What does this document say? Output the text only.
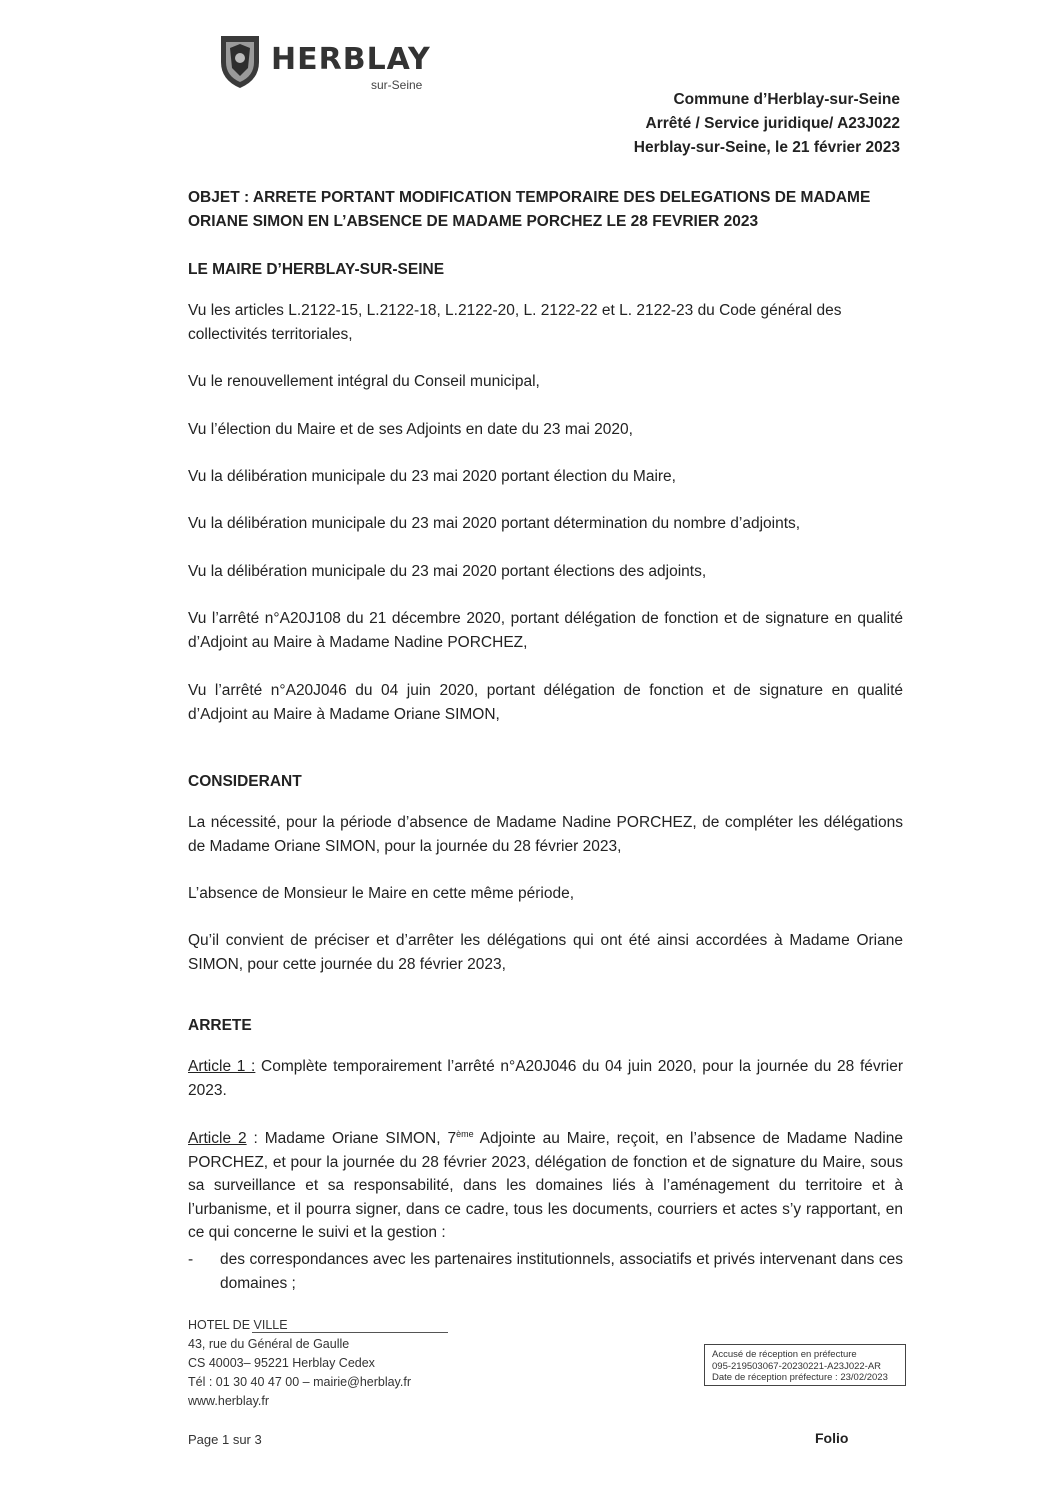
HERBLAY
sur-Seine
Commune d’Herblay-sur-Seine
Arrêté / Service juridique/ A23J022
Herblay-sur-Seine, le 21 février 2023
OBJET : ARRETE PORTANT MODIFICATION TEMPORAIRE DES DELEGATIONS DE MADAME ORIANE SIMON EN L’ABSENCE DE MADAME PORCHEZ LE 28 FEVRIER 2023
LE MAIRE D’HERBLAY-SUR-SEINE
Vu les articles L.2122-15, L.2122-18, L.2122-20, L. 2122-22 et L. 2122-23 du Code général des collectivités territoriales,
Vu le renouvellement intégral du Conseil municipal,
Vu l’élection du Maire et de ses Adjoints en date du 23 mai 2020,
Vu la délibération municipale du 23 mai 2020 portant élection du Maire,
Vu la délibération municipale du 23 mai 2020 portant détermination du nombre d’adjoints,
Vu la délibération municipale du 23 mai 2020 portant élections des adjoints,
Vu l’arrêté n°A20J108 du 21 décembre 2020, portant délégation de fonction et de signature en qualité d’Adjoint au Maire à Madame Nadine PORCHEZ,
Vu l’arrêté n°A20J046 du 04 juin 2020, portant délégation de fonction et de signature en qualité d’Adjoint au Maire à Madame Oriane SIMON,
CONSIDERANT
La nécessité, pour la période d’absence de Madame Nadine PORCHEZ, de compléter les délégations de Madame Oriane SIMON, pour la journée du 28 février 2023,
L’absence de Monsieur le Maire en cette même période,
Qu’il convient de préciser et d’arrêter les délégations qui ont été ainsi accordées à Madame Oriane SIMON, pour cette journée du 28 février 2023,
ARRETE
Article 1 : Complète temporairement l’arrêté n°A20J046 du 04 juin 2020, pour la journée du 28 février 2023.
Article 2 : Madame Oriane SIMON, 7ème Adjointe au Maire, reçoit, en l’absence de Madame Nadine PORCHEZ, et pour la journée du 28 février 2023, délégation de fonction et de signature du Maire, sous sa surveillance et sa responsabilité, dans les domaines liés à l’aménagement du territoire et à l’urbanisme, et il pourra signer, dans ce cadre, tous les documents, courriers et actes s’y rapportant, en ce qui concerne le suivi et la gestion :
- des correspondances avec les partenaires institutionnels, associatifs et privés intervenant dans ces domaines ;
HOTEL DE VILLE
43, rue du Général de Gaulle
CS 40003– 95221 Herblay Cedex
Tél : 01 30 40 47 00 – mairie@herblay.fr
www.herblay.fr
Accusé de réception en préfecture
095-219503067-20230221-A23J022-AR
Date de réception préfecture : 23/02/2023
Page 1 sur 3	Folio
